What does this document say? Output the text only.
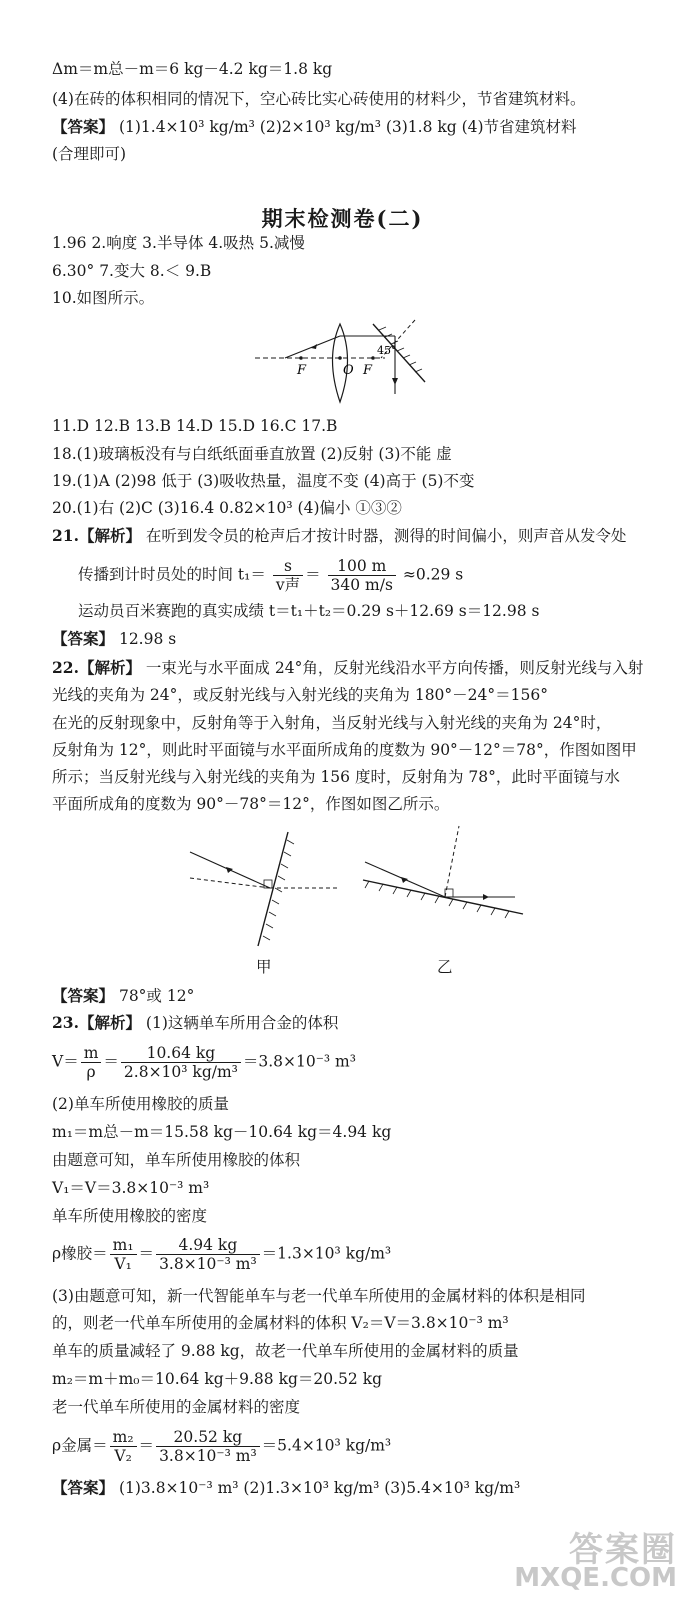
Δm＝m总－m＝6 kg－4.2 kg＝1.8 kg
(4)在砖的体积相同的情况下，空心砖比实心砖使用的材料少，节省建筑材料。
【答案】 (1)1.4×10³ kg/m³ (2)2×10³ kg/m³ (3)1.8 kg (4)节省建筑材料
(合理即可)
期末检测卷(二)
1.96 2.响度 3.半导体 4.吸热 5.减慢
6.30° 7.变大 8.＜ 9.B
10.如图所示。
F	O F
45°
11.D 12.B 13.B 14.D 15.D 16.C 17.B
18.(1)玻璃板没有与白纸纸面垂直放置 (2)反射 (3)不能 虚
19.(1)A (2)98 低于 (3)吸收热量，温度不变 (4)高于 (5)不变
20.(1)右 (2)C (3)16.4 0.82×10³ (4)偏小 ①③②
21.【解析】 在听到发令员的枪声后才按计时器，测得的时间偏小，则声音从发令处
传播到计时员处的时间 $t_1= \frac{s}{\text{v声}} = \frac{100 m}{340 m/s} \approx 0.29$ s
运动员百米赛跑的真实成绩 t＝t₁＋t₂＝0.29 s＋12.69 s＝12.98 s
【答案】 12.98 s
22.【解析】 一束光与水平面成 24°角，反射光线沿水平方向传播，则反射光线与入射
光线的夹角为 24°，或反射光线与入射光线的夹角为 180°－24°＝156°
在光的反射现象中，反射角等于入射角，当反射光线与入射光线的夹角为 24°时，
反射角为 12°，则此时平面镜与水平面所成角的度数为 90°－12°＝78°，作图如图甲
所示；当反射光线与入射光线的夹角为 156 度时，反射角为 78°，此时平面镜与水
平面所成角的度数为 90°－78°＝12°，作图如图乙所示。
甲	乙
【答案】 78°或 12°
23.【解析】 (1)这辆单车所用合金的体积
$V= \frac{m}{\rho} = \frac{10.64 kg}{\text{2.8×10³ kg/m³}} =3.8\times 10^{-3}$ m³
(2)单车所使用橡胶的质量
m₁＝m总－m＝15.58 kg－10.64 kg＝4.94 kg
由题意可知，单车所使用橡胶的体积
V₁＝V＝3.8×10⁻³ m³
单车所使用橡胶的密度
ρ橡胶＝ $\frac{\text{m₁}}{\text{V₁}} = \frac{4.94 kg}{\text{3.8×10⁻³ m³}} =1.3\times 10^3$ kg/m³
(3)由题意可知，新一代智能单车与老一代单车所使用的金属材料的体积是相同
的，则老一代单车所使用的金属材料的体积 V₂＝V＝3.8×10⁻³ m³
单车的质量减轻了 9.88 kg，故老一代单车所使用的金属材料的质量
m₂＝m＋m₀＝10.64 kg＋9.88 kg＝20.52 kg
老一代单车所使用的金属材料的密度
ρ金属＝ $\frac{\text{m₂}}{\text{V₂}} = \frac{20.52 kg}{\text{3.8×10⁻³ m³}} =5.4\times 10^3$ kg/m³
【答案】 (1)3.8×10⁻³ m³ (2)1.3×10³ kg/m³ (3)5.4×10³ kg/m³
答案圈
MXQE.COM
